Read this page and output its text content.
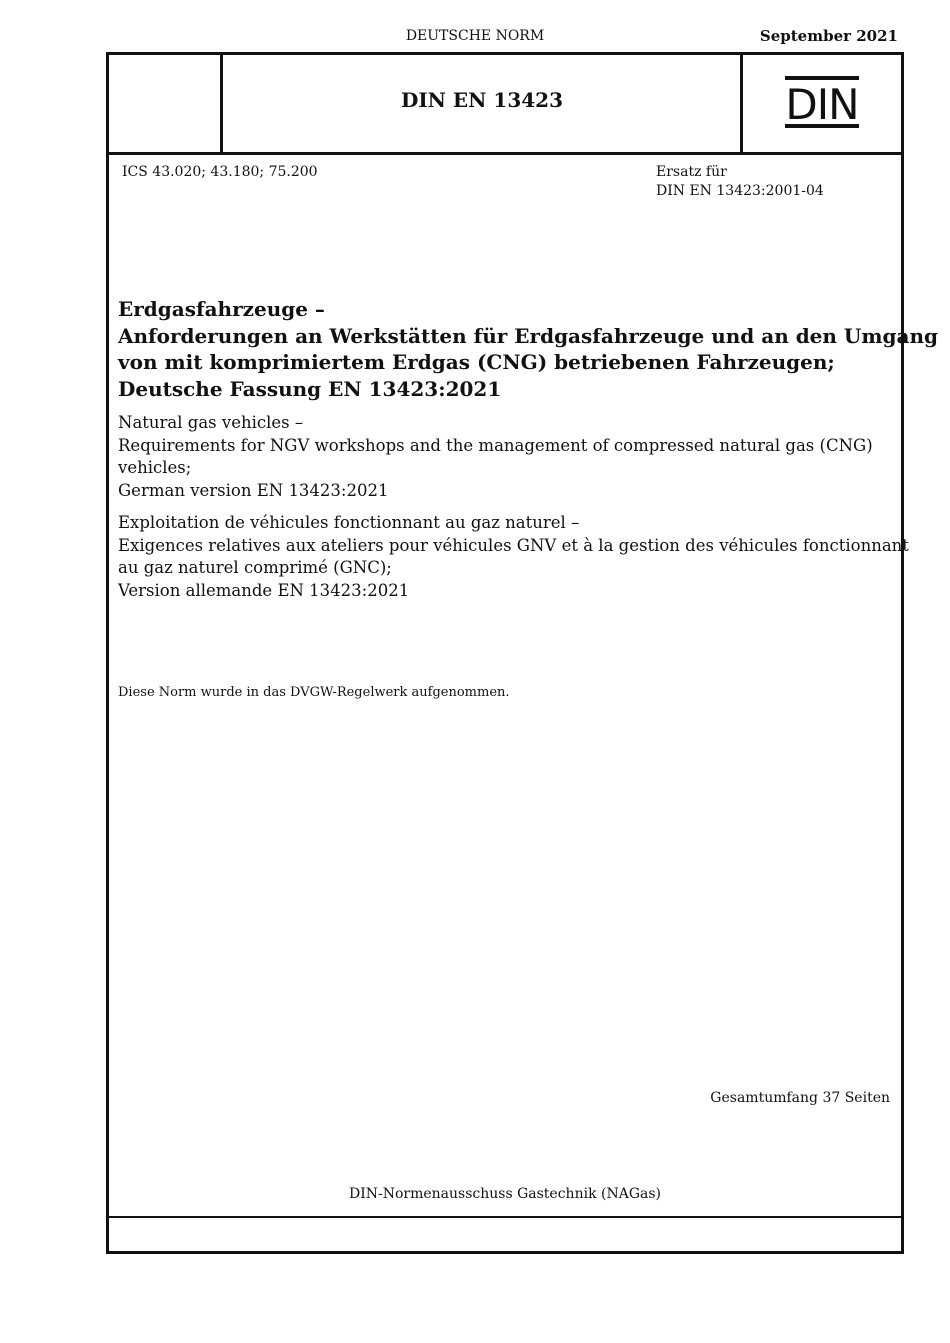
DEUTSCHE NORM	September 2021
DIN EN 13423	DIN
ICS 43.020; 43.180; 75.200	Ersatz für
DIN EN 13423:2001-04
Erdgasfahrzeuge –
Anforderungen an Werkstätten für Erdgasfahrzeuge und an den Umgang
von mit komprimiertem Erdgas (CNG) betriebenen Fahrzeugen;
Deutsche Fassung EN 13423:2021
Natural gas vehicles –
Requirements for NGV workshops and the management of compressed natural gas (CNG)
vehicles;
German version EN 13423:2021
Exploitation de véhicules fonctionnant au gaz naturel –
Exigences relatives aux ateliers pour véhicules GNV et à la gestion des véhicules fonctionnant
au gaz naturel comprimé (GNC);
Version allemande EN 13423:2021
Diese Norm wurde in das DVGW-Regelwerk aufgenommen.
Gesamtumfang 37 Seiten
DIN-Normenausschuss Gastechnik (NAGas)
